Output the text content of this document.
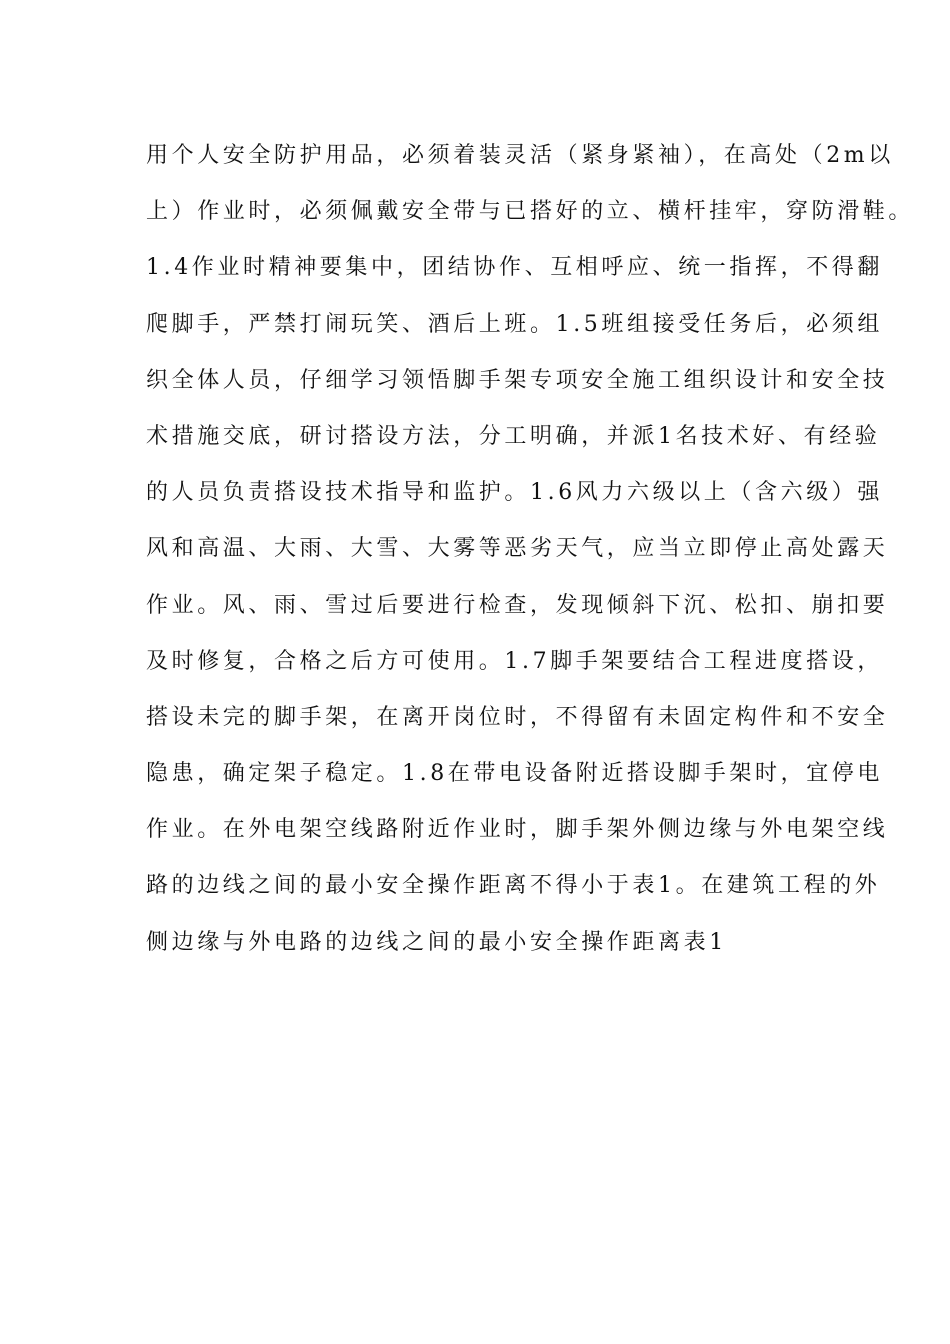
用个人安全防护用品，必须着装灵活（紧身紧袖），在高处（2m以
上）作业时，必须佩戴安全带与已搭好的立、横杆挂牢，穿防滑鞋。
1.4作业时精神要集中，团结协作、互相呼应、统一指挥，不得翻
爬脚手，严禁打闹玩笑、酒后上班。1.5班组接受任务后，必须组
织全体人员，仔细学习领悟脚手架专项安全施工组织设计和安全技
术措施交底，研讨搭设方法，分工明确，并派1名技术好、有经验
的人员负责搭设技术指导和监护。1.6风力六级以上（含六级）强
风和高温、大雨、大雪、大雾等恶劣天气，应当立即停止高处露天
作业。风、雨、雪过后要进行检查，发现倾斜下沉、松扣、崩扣要
及时修复，合格之后方可使用。1.7脚手架要结合工程进度搭设，
搭设未完的脚手架，在离开岗位时，不得留有未固定构件和不安全
隐患，确定架子稳定。1.8在带电设备附近搭设脚手架时，宜停电
作业。在外电架空线路附近作业时，脚手架外侧边缘与外电架空线
路的边线之间的最小安全操作距离不得小于表1。在建筑工程的外
侧边缘与外电路的边线之间的最小安全操作距离表1
